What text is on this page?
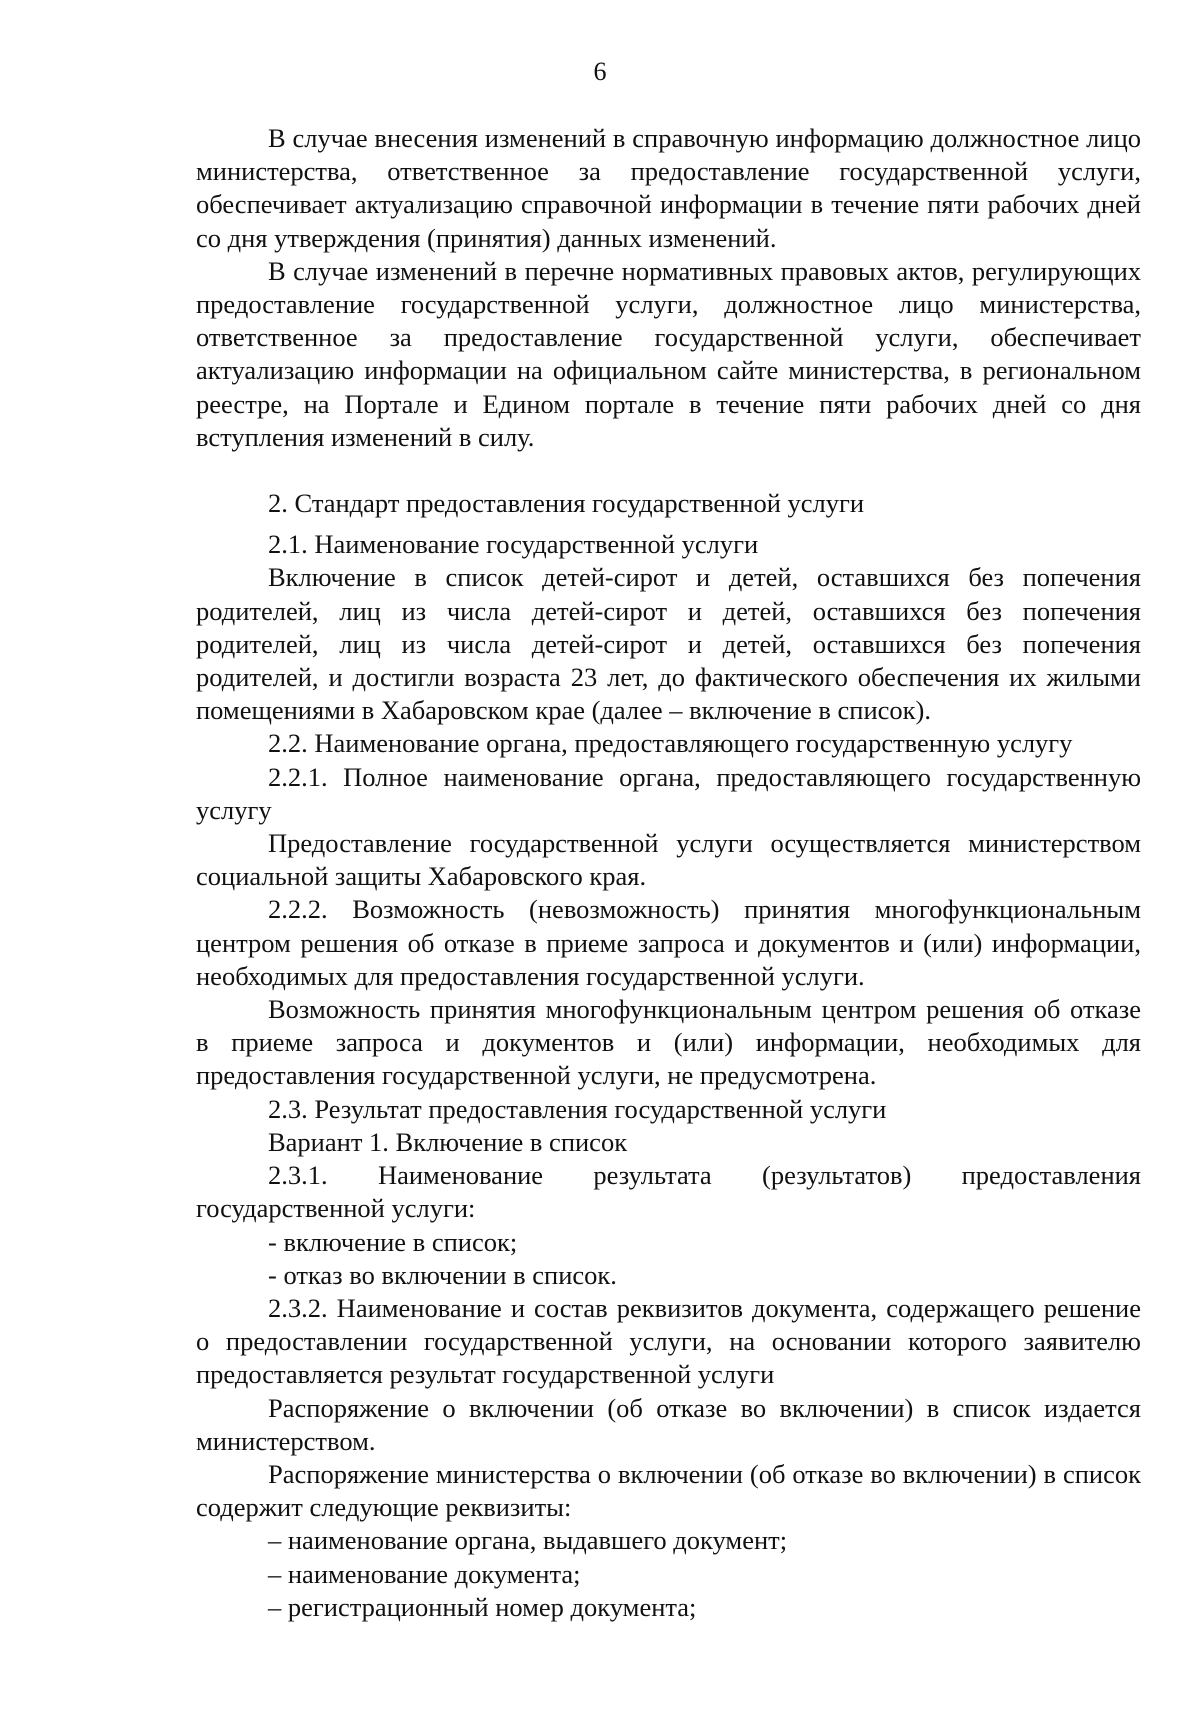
6

В случае внесения изменений в справочную информацию должностное лицо министерства, ответственное за предоставление государственной услуги, обеспечивает актуализацию справочной информации в течение пяти рабочих дней со дня утверждения (принятия) данных изменений.

В случае изменений в перечне нормативных правовых актов, регулирующих предоставление государственной услуги, должностное лицо министерства, ответственное за предоставление государственной услуги, обеспечивает актуализацию информации на официальном сайте министерства, в региональном реестре, на Портале и Едином портале в течение пяти рабочих дней со дня вступления изменений в силу.

2. Стандарт предоставления государственной услуги

2.1. Наименование государственной услуги

Включение в список детей-сирот и детей, оставшихся без попечения родителей, лиц из числа детей-сирот и детей, оставшихся без попечения родителей, лиц из числа детей-сирот и детей, оставшихся без попечения родителей, и достигли возраста 23 лет, до фактического обеспечения их жилыми помещениями в Хабаровском крае (далее – включение в список).

2.2. Наименование органа, предоставляющего государственную услугу

2.2.1. Полное наименование органа, предоставляющего государственную услугу

Предоставление государственной услуги осуществляется министерством социальной защиты Хабаровского края.

2.2.2. Возможность (невозможность) принятия многофункциональным центром решения об отказе в приеме запроса и документов и (или) информации, необходимых для предоставления государственной услуги.

Возможность принятия многофункциональным центром решения об отказе в приеме запроса и документов и (или) информации, необходимых для предоставления государственной услуги, не предусмотрена.

2.3. Результат предоставления государственной услуги

Вариант 1. Включение в список

2.3.1. Наименование результата (результатов) предоставления государственной услуги:

- включение в список;

- отказ во включении в список.

2.3.2. Наименование и состав реквизитов документа, содержащего решение о предоставлении государственной услуги, на основании которого заявителю предоставляется результат государственной услуги

Распоряжение о включении (об отказе во включении) в список издается министерством.

Распоряжение министерства о включении (об отказе во включении) в список содержит следующие реквизиты:

– наименование органа, выдавшего документ;

– наименование документа;

– регистрационный номер документа;
